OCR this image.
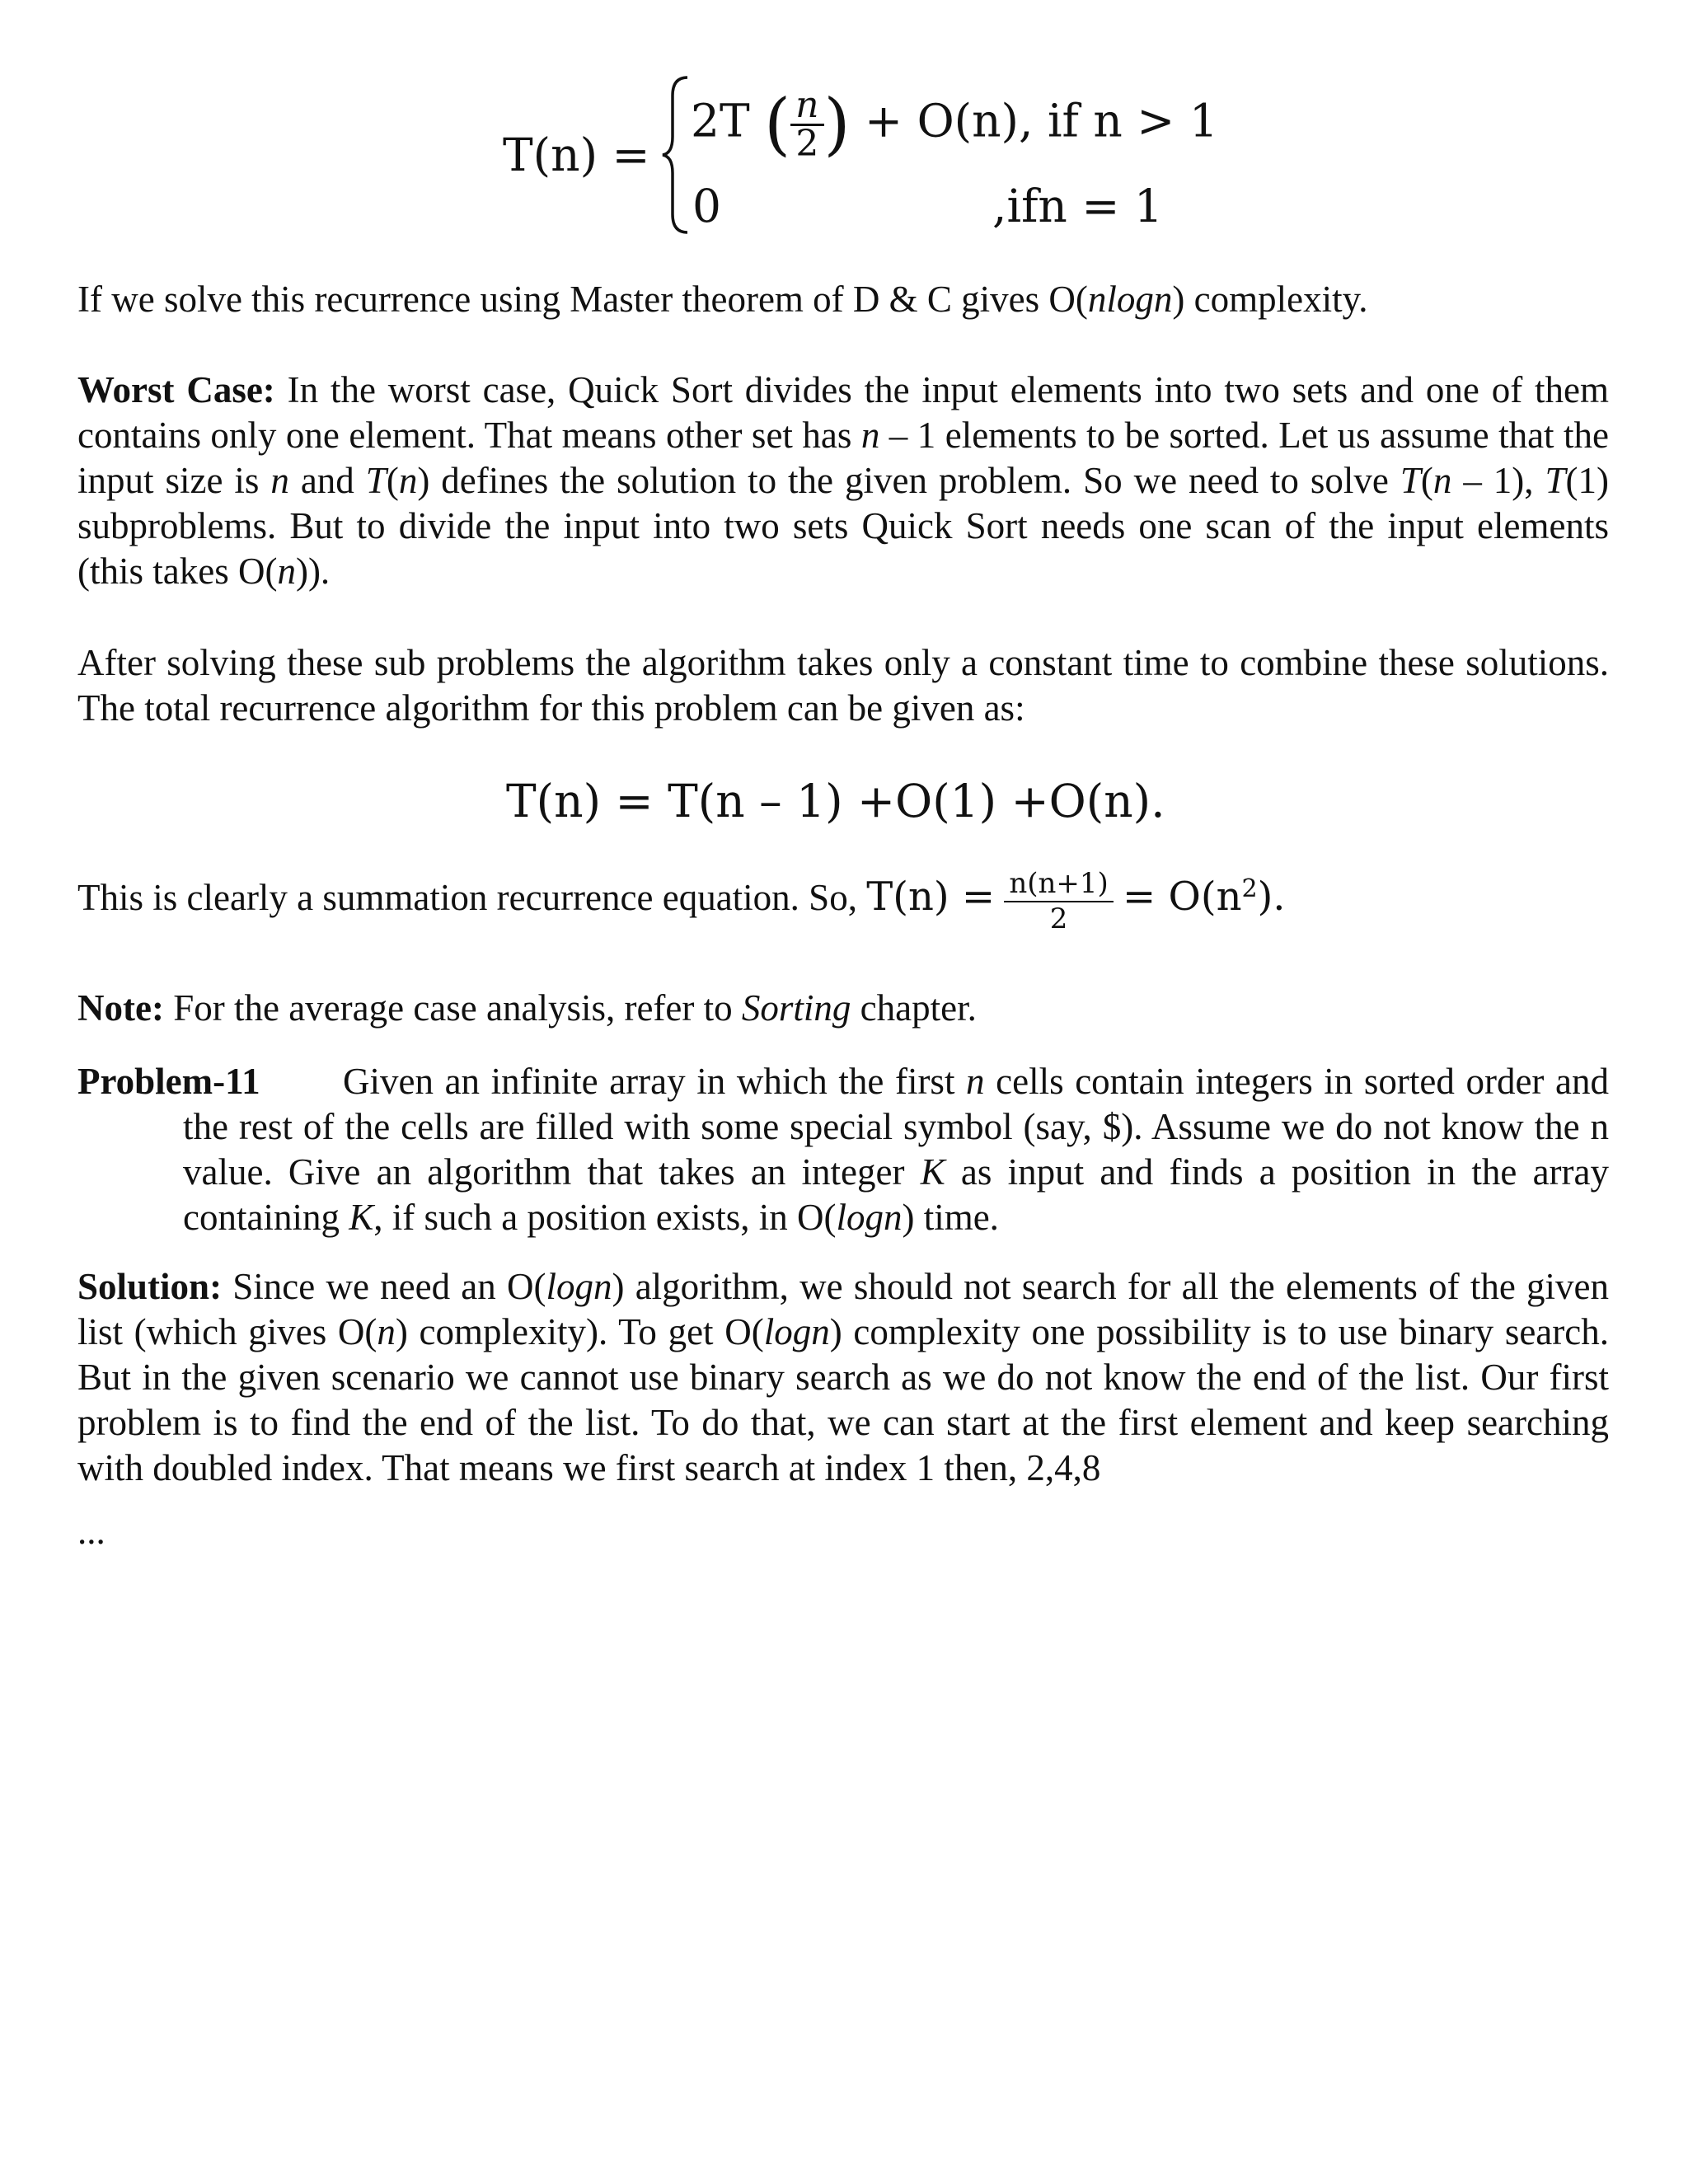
T(n) =
2T ( $\frac{n}{2}$ ) + O(n), if n > 1
0	,ifn = 1
If we solve this recurrence using Master theorem of D & C gives O(nlogn) complexity.
Worst Case: In the worst case, Quick Sort divides the input elements into two sets and one of them contains only one element. That means other set has n – 1 elements to be sorted. Let us assume that the input size is n and T(n) defines the solution to the given problem. So we need to solve T(n – 1), T(1) subproblems. But to divide the input into two sets Quick Sort needs one scan of the input elements (this takes O(n)).
After solving these sub problems the algorithm takes only a constant time to combine these solutions. The total recurrence algorithm for this problem can be given as:
T(n) = T(n – 1) +O(1) +O(n).
This is clearly a summation recurrence equation. So, $T(n) = \frac{n(n+1)}{2} = O(n^2)$.
Note: For the average case analysis, refer to Sorting chapter.
Problem-11 Given an infinite array in which the first n cells contain integers in sorted order and the rest of the cells are filled with some special symbol (say, $). Assume we do not know the n value. Give an algorithm that takes an integer K as input and finds a position in the array containing K, if such a position exists, in O(logn) time.
Solution: Since we need an O(logn) algorithm, we should not search for all the elements of the given list (which gives O(n) complexity). To get O(logn) complexity one possibility is to use binary search. But in the given scenario we cannot use binary search as we do not know the end of the list. Our first problem is to find the end of the list. To do that, we can start at the first element and keep searching with doubled index. That means we first search at index 1 then, 2,4,8
...
